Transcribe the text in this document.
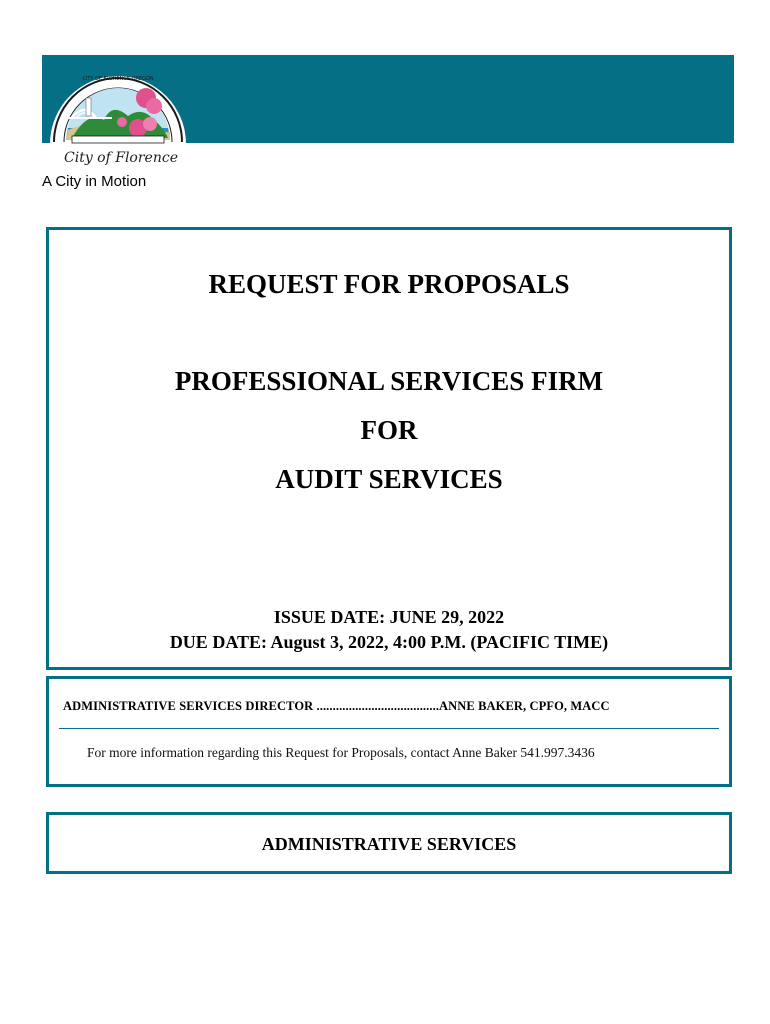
CITY OF FLORENCE OREGON
City of Florence
A City in Motion
REQUEST FOR PROPOSALS
PROFESSIONAL SERVICES FIRM
FOR
AUDIT SERVICES
ISSUE DATE: JUNE 29, 2022
DUE DATE: August 3, 2022, 4:00 P.M. (PACIFIC TIME)
ADMINISTRATIVE SERVICES DIRECTOR ......................................ANNE BAKER, CPFO, MACC
For more information regarding this Request for Proposals, contact Anne Baker 541.997.3436
ADMINISTRATIVE SERVICES
